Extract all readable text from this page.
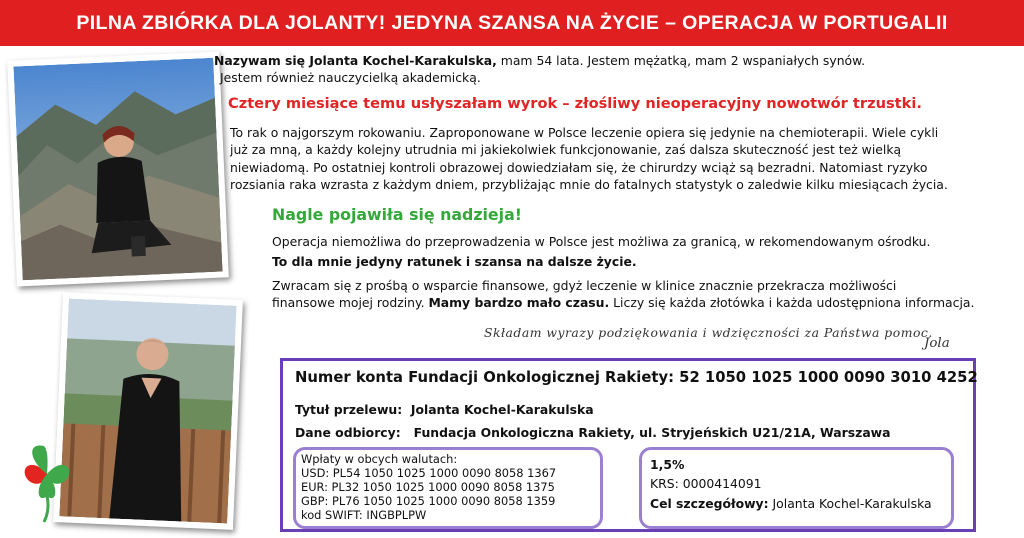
PILNA ZBIÓRKA DLA JOLANTY! JEDYNA SZANSA NA ŻYCIE – OPERACJA W PORTUGALII
Nazywam się Jolanta Kochel-Karakulska, mam 54 lata. Jestem mężatką, mam 2 wspaniałych synów.
Jestem również nauczycielką akademicką.
Cztery miesiące temu usłyszałam wyrok – złośliwy nieoperacyjny nowotwór trzustki.
To rak o najgorszym rokowaniu. Zaproponowane w Polsce leczenie opiera się jedynie na chemioterapii. Wiele cykli
już za mną, a każdy kolejny utrudnia mi jakiekolwiek funkcjonowanie, zaś dalsza skuteczność jest też wielką
niewiadomą. Po ostatniej kontroli obrazowej dowiedziałam się, że chirurdzy wciąż są bezradni. Natomiast ryzyko
rozsiania raka wzrasta z każdym dniem, przybliżając mnie do fatalnych statystyk o zaledwie kilku miesiącach życia.
Nagle pojawiła się nadzieja!
Operacja niemożliwa do przeprowadzenia w Polsce jest możliwa za granicą, w rekomendowanym ośrodku.
To dla mnie jedyny ratunek i szansa na dalsze życie.
Zwracam się z prośbą o wsparcie finansowe, gdyż leczenie w klinice znacznie przekracza możliwości
finansowe mojej rodziny. Mamy bardzo mało czasu. Liczy się każda złotówka i każda udostępniona informacja.
Składam wyrazy podziękowania i wdzięczności za Państwa pomoc.
Jola
Numer konta Fundacji Onkologicznej Rakiety: 52 1050 1025 1000 0090 3010 4252
Tytuł przelewu: Jolanta Kochel-Karakulska
Dane odbiorcy: Fundacja Onkologiczna Rakiety, ul. Stryjeńskich U21/21A, Warszawa
Wpłaty w obcych walutach:
USD: PL54 1050 1025 1000 0090 8058 1367
EUR: PL32 1050 1025 1000 0090 8058 1375
GBP: PL76 1050 1025 1000 0090 8058 1359
kod SWIFT: INGBPLPW
1,5%
KRS: 0000414091
Cel szczegółowy: Jolanta Kochel-Karakulska
